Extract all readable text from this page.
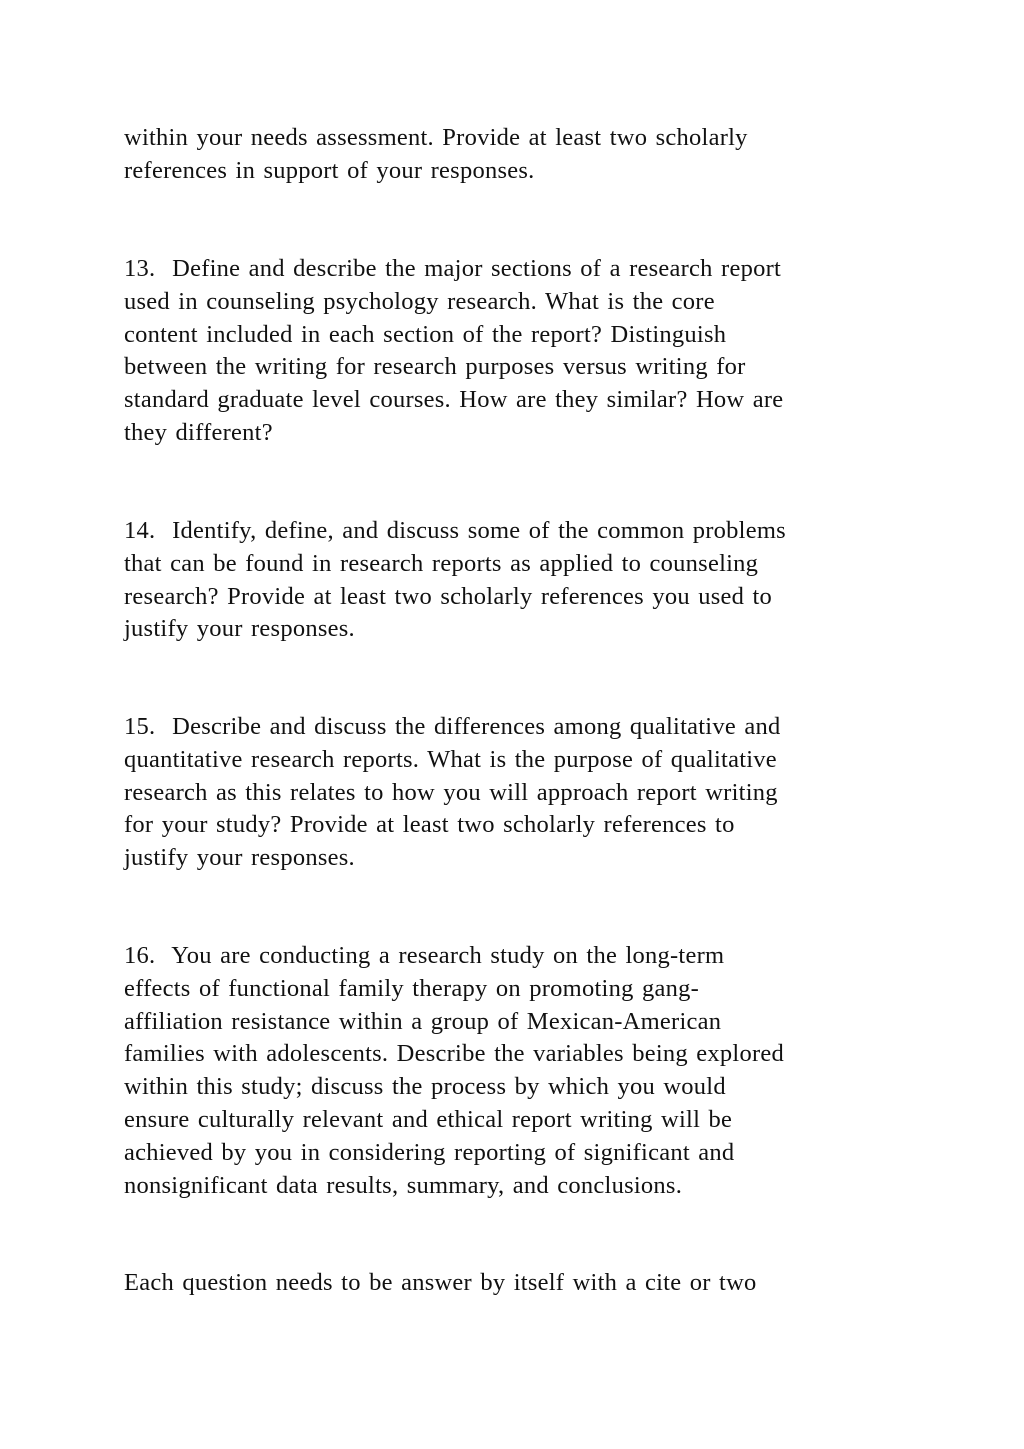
within your needs assessment. Provide at least two scholarly
references in support of your responses.

13.  Define and describe the major sections of a research report
used in counseling psychology research. What is the core
content included in each section of the report? Distinguish
between the writing for research purposes versus writing for
standard graduate level courses. How are they similar? How are
they different?

14.  Identify, define, and discuss some of the common problems
that can be found in research reports as applied to counseling
research? Provide at least two scholarly references you used to
justify your responses.

15.  Describe and discuss the differences among qualitative and
quantitative research reports. What is the purpose of qualitative
research as this relates to how you will approach report writing
for your study? Provide at least two scholarly references to
justify your responses.

16.  You are conducting a research study on the long-term
effects of functional family therapy on promoting gang-
affiliation resistance within a group of Mexican-American
families with adolescents. Describe the variables being explored
within this study; discuss the process by which you would
ensure culturally relevant and ethical report writing will be
achieved by you in considering reporting of significant and
nonsignificant data results, summary, and conclusions.

Each question needs to be answer by itself with a cite or two
